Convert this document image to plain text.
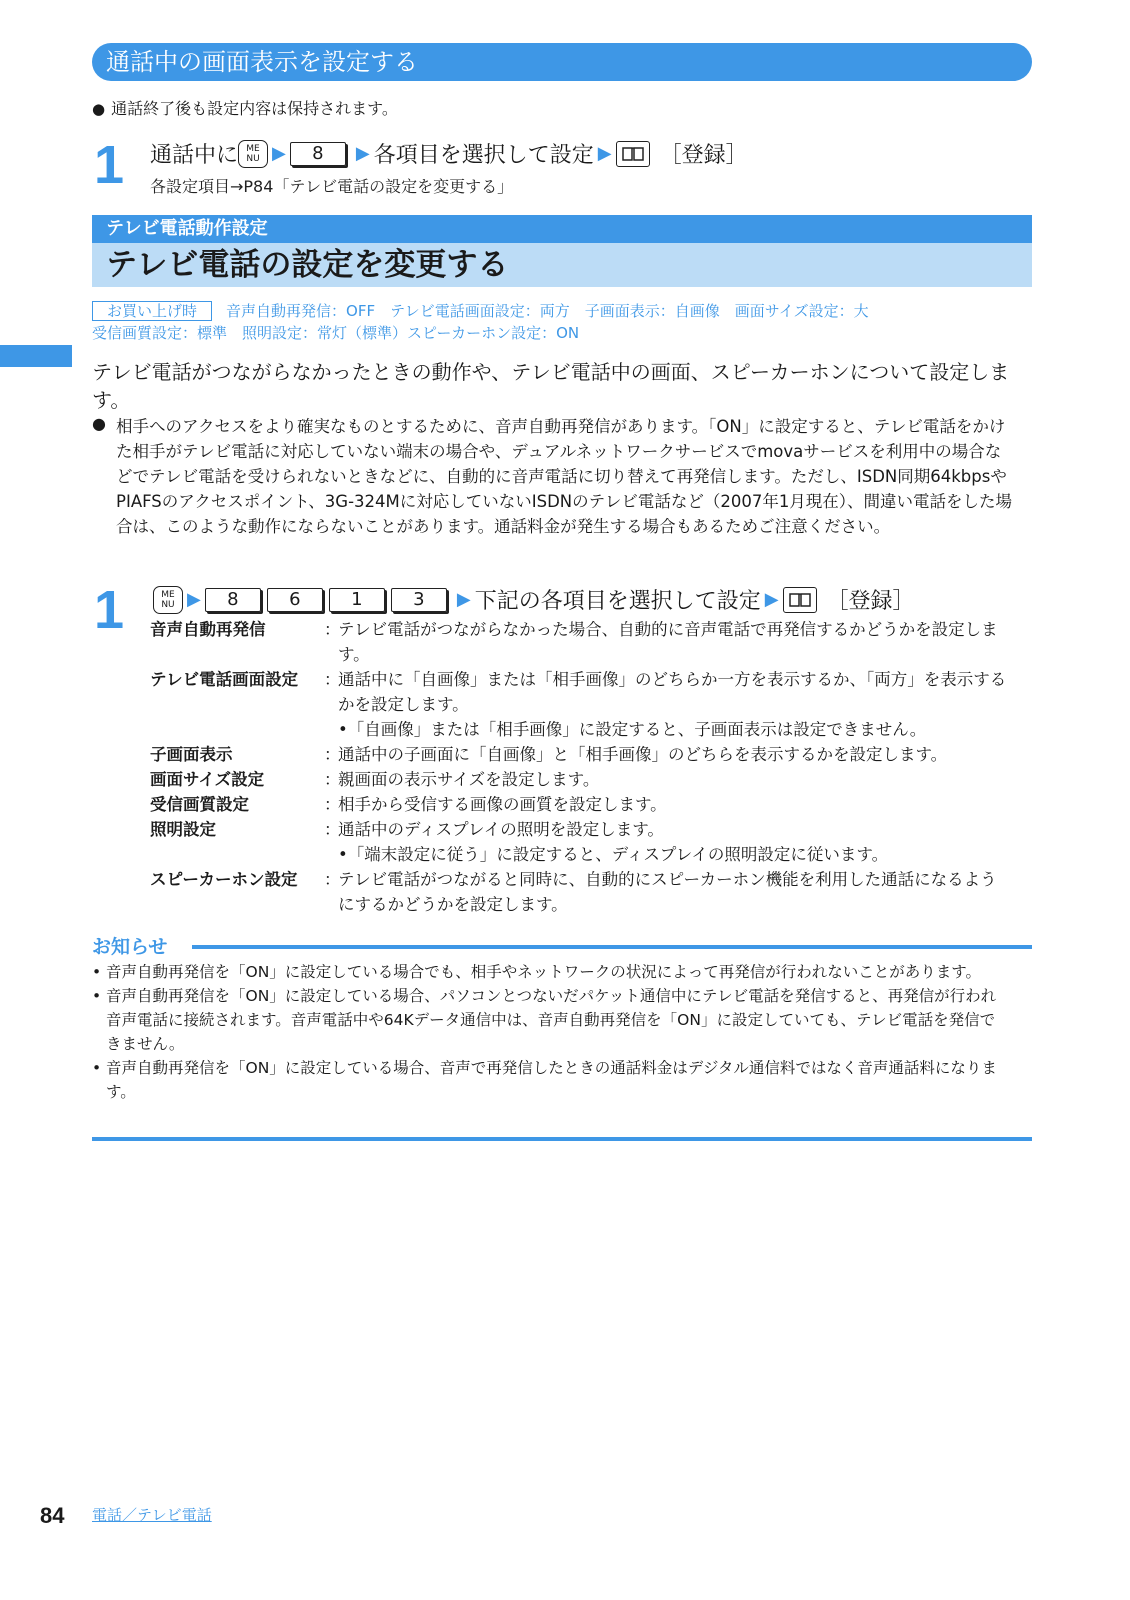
通話中の画面表示を設定する
● 通話終了後も設定内容は保持されます。
1 通話中に ME
NU ▶	8	▶ 各項目を選択して設定 ▶ ［登録］
各設定項目→P84「テレビ電話の設定を変更する」
テレビ電話動作設定
テレビ電話の設定を変更する
お買い上げ時 音声自動再発信：OFF　テレビ電話画面設定：両方　子画面表示：自画像　画面サイズ設定：大
受信画質設定：標準　照明設定：常灯（標準）スピーカーホン設定：ON
テレビ電話がつながらなかったときの動作や、テレビ電話中の画面、スピーカーホンについて設定します。
● 相手へのアクセスをより確実なものとするために、音声自動再発信があります。「ON」に設定すると、テレビ電話をかけた相手がテレビ電話に対応していない端末の場合や、デュアルネットワークサービスでmovaサービスを利用中の場合などでテレビ電話を受けられないときなどに、自動的に音声電話に切り替えて再発信します。ただし、ISDN同期64kbpsやPIAFSのアクセスポイント、3G-324Mに対応していないISDNのテレビ電話など（2007年1月現在）、間違い電話をした場合は、このような動作にならないことがあります。通話料金が発生する場合もあるためご注意ください。
1	ME
NU ▶	8	6	1	3	▶ 下記の各項目を選択して設定 ▶ ［登録］
音声自動再発信	：
テレビ電話がつながらなかった場合、自動的に音声電話で再発信するかどうかを設定します。
テレビ電話画面設定	：
通話中に「自画像」または「相手画像」のどちらか一方を表示するか、「両方」を表示するかを設定します。
•「自画像」または「相手画像」に設定すると、子画面表示は設定できません。
子画面表示	：
通話中の子画面に「自画像」と「相手画像」のどちらを表示するかを設定します。
画面サイズ設定	：
親画面の表示サイズを設定します。
受信画質設定	：
相手から受信する画像の画質を設定します。
照明設定	：
通話中のディスプレイの照明を設定します。
•「端末設定に従う」に設定すると、ディスプレイの照明設定に従います。
スピーカーホン設定	：
テレビ電話がつながると同時に、自動的にスピーカーホン機能を利用した通話になるようにするかどうかを設定します。
お知らせ
• 音声自動再発信を「ON」に設定している場合でも、相手やネットワークの状況によって再発信が行われないことがあります。
• 音声自動再発信を「ON」に設定している場合、パソコンとつないだパケット通信中にテレビ電話を発信すると、再発信が行われ音声電話に接続されます。音声電話中や64Kデータ通信中は、音声自動再発信を「ON」に設定していても、テレビ電話を発信できません。
• 音声自動再発信を「ON」に設定している場合、音声で再発信したときの通話料金はデジタル通信料ではなく音声通話料になります。
84 電話／テレビ電話
